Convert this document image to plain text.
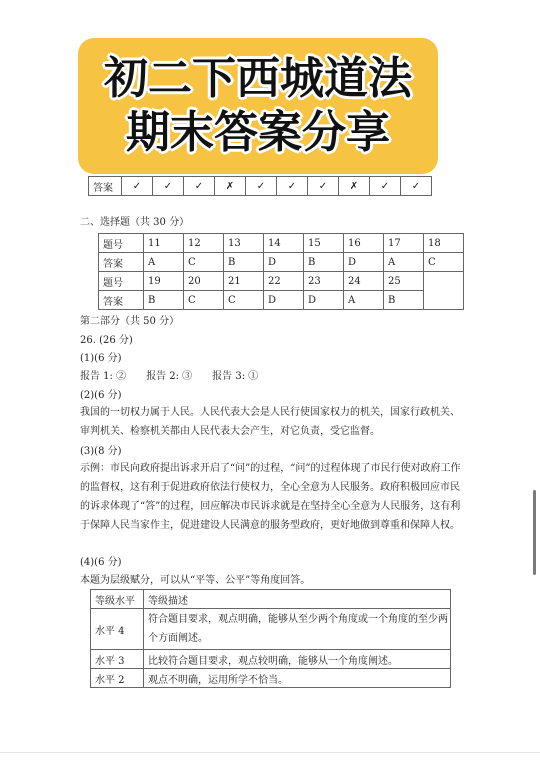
答案	✓	✓	✓	✗	✓	✓	✓	✗	✓	✓
初二下西城道法
期末答案分享
二、选择题（共 30 分）
题号	11	12	13	14	15	16	17	18
答案	A	C	B	D	B	D	A	C
题号	19	20	21	22	23	24	25	
答案	B	C	C	D	D	A	B	
第二部分（共 50 分）
26. (26 分)
(1)(6 分)
报告 1: ②　　报告 2: ③　　报告 3: ①
(2)(6 分)
我国的一切权力属于人民。人民代表大会是人民行使国家权力的机关，国家行政机关、审判机关、检察机关都由人民代表大会产生，对它负责，受它监督。
(3)(8 分)
示例：市民向政府提出诉求开启了“问”的过程，“问”的过程体现了市民行使对政府工作的监督权，这有利于促进政府依法行使权力，全心全意为人民服务。政府积极回应市民的诉求体现了“答”的过程，回应解决市民诉求就是在坚持全心全意为人民服务，这有利于保障人民当家作主，促进建设人民满意的服务型政府，更好地做到尊重和保障人权。
(4)(6 分)
本题为层级赋分，可以从“平等、公平”等角度回答。
等级水平	等级描述
水平 4	符合题目要求，观点明确，能够从至少两个角度或一个角度的至少两个方面阐述。
水平 3	比较符合题目要求，观点较明确，能够从一个角度阐述。
水平 2	观点不明确，运用所学不恰当。
